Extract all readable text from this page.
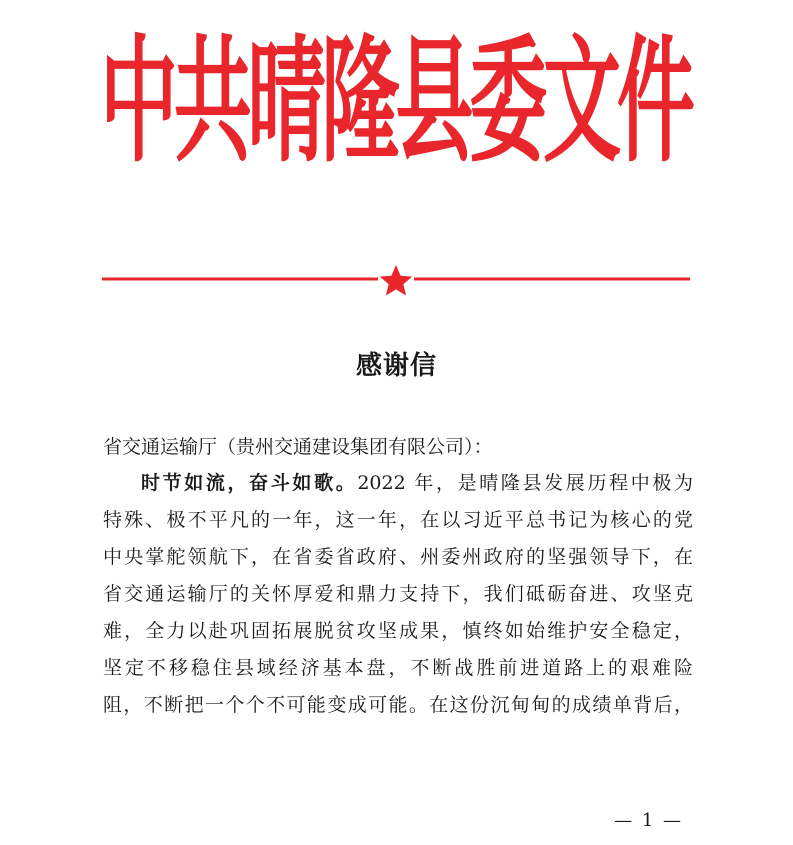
中
共
晴
隆
县
委
文
件
感谢信
省交通运输厅（贵州交通建设集团有限公司）：
时节如流，奋斗如歌。2022 年，是晴隆县发展历程中极为
特殊、极不平凡的一年，这一年，在以习近平总书记为核心的党
中央掌舵领航下，在省委省政府、州委州政府的坚强领导下，在
省交通运输厅的关怀厚爱和鼎力支持下，我们砥砺奋进、攻坚克
难，全力以赴巩固拓展脱贫攻坚成果，慎终如始维护安全稳定，
坚定不移稳住县域经济基本盘，不断战胜前进道路上的艰难险
阻，不断把一个个不可能变成可能。在这份沉甸甸的成绩单背后，
— 1 —
